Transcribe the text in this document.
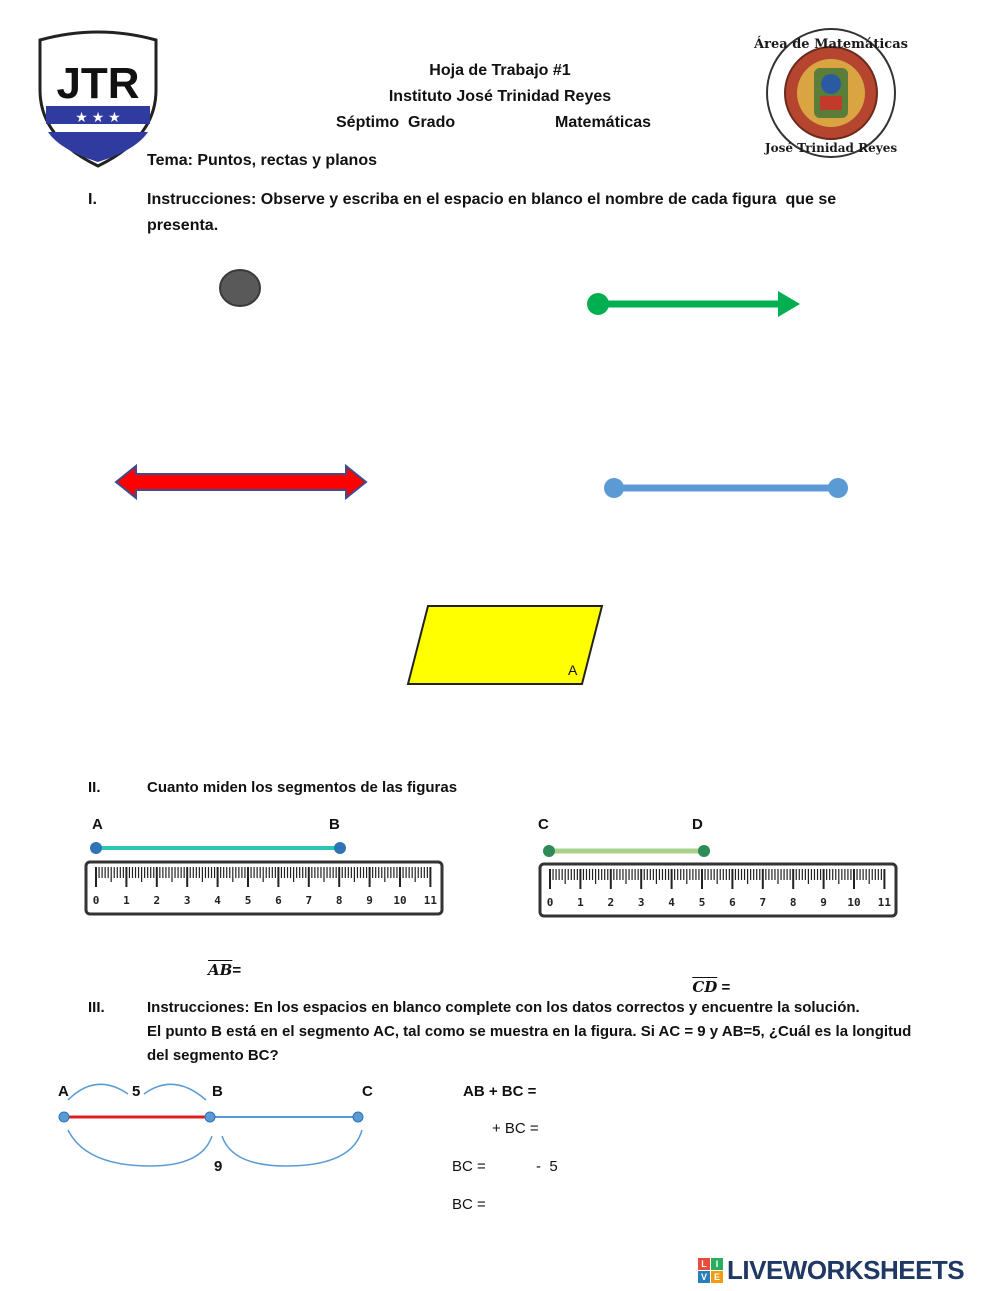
JTR
★ ★ ★
Área de Matemáticas
José Trinidad Reyes
Hoja de Trabajo #1
Instituto José Trinidad Reyes
Séptimo  Grado	Matemáticas
Tema: Puntos, rectas y planos
I.	Instrucciones: Observe y escriba en el espacio en blanco el nombre de cada figura  que se
presenta.
A
II.	Cuanto miden los segmentos de las figuras
A	B
0 1 2 3 4 5 6 7 8 9 10 11
C	D
0 1 2 3 4 5 6 7 8 9 10 11
$\overline{AB}=$

$\overline{CD}$ =

III.	Instrucciones: En los espacios en blanco complete con los datos correctos y encuentre la solución.
El punto B está en el segmento AC, tal como se muestra en la figura. Si AC = 9 y AB=5, ¿Cuál es la longitud
del segmento BC?
A	5	B	C
9
AB + BC =
+ BC =
BC =	-  5
BC =
L I
V E LIVEWORKSHEETS
